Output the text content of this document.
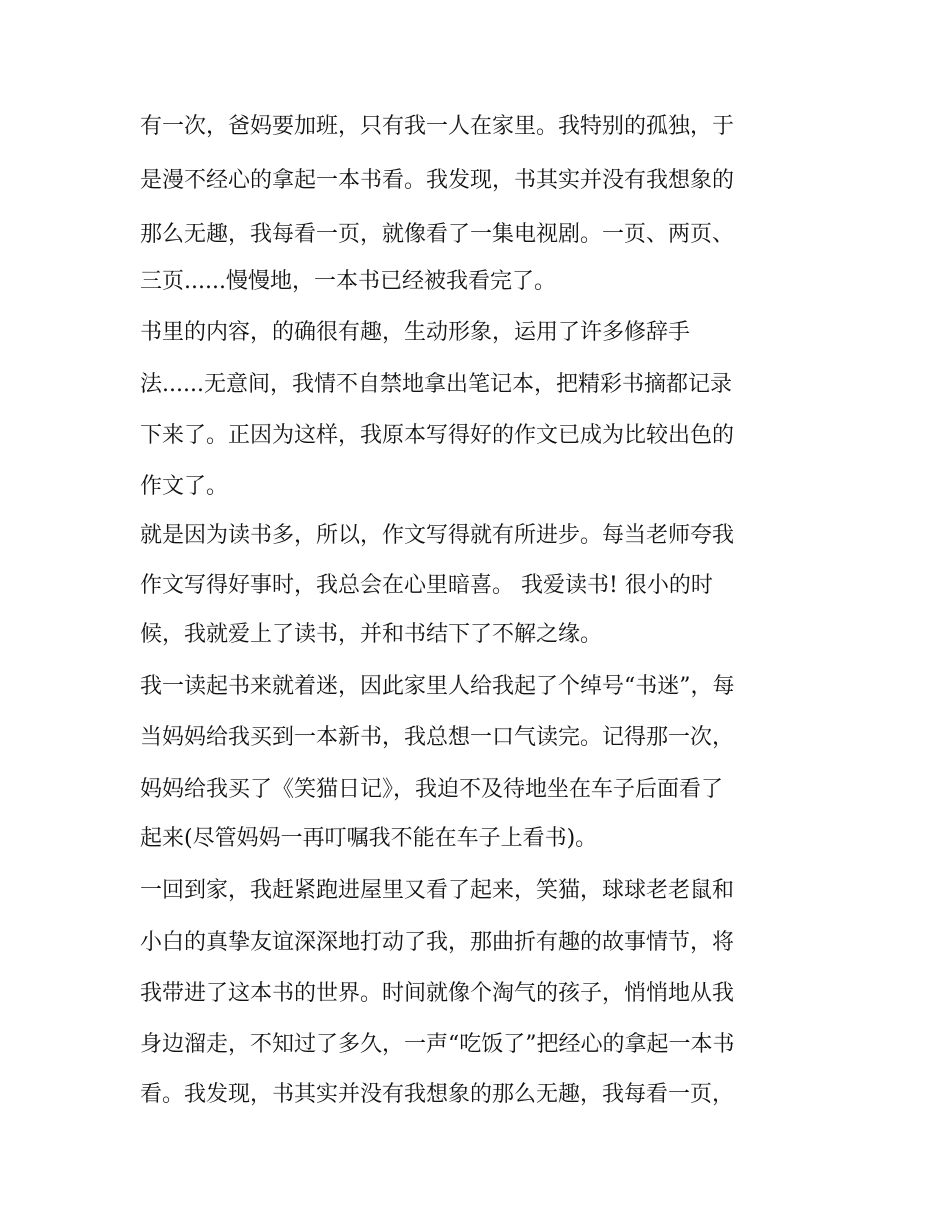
有一次，爸妈要加班，只有我一人在家里。我特别的孤独，于
是漫不经心的拿起一本书看。我发现，书其实并没有我想象的
那么无趣，我每看一页，就像看了一集电视剧。一页、两页、
三页......慢慢地，一本书已经被我看完了。
书里的内容，的确很有趣，生动形象，运用了许多修辞手
法......无意间，我情不自禁地拿出笔记本，把精彩书摘都记录
下来了。正因为这样，我原本写得好的作文已成为比较出色的
作文了。
就是因为读书多，所以，作文写得就有所进步。每当老师夸我
作文写得好事时，我总会在心里暗喜。 我爱读书! 很小的时
候，我就爱上了读书，并和书结下了不解之缘。
我一读起书来就着迷，因此家里人给我起了个绰号“书迷”，每
当妈妈给我买到一本新书，我总想一口气读完。记得那一次，
妈妈给我买了《笑猫日记》，我迫不及待地坐在车子后面看了
起来(尽管妈妈一再叮嘱我不能在车子上看书)。
一回到家，我赶紧跑进屋里又看了起来，笑猫，球球老老鼠和
小白的真挚友谊深深地打动了我，那曲折有趣的故事情节，将
我带进了这本书的世界。时间就像个淘气的孩子，悄悄地从我
身边溜走，不知过了多久，一声“吃饭了”把经心的拿起一本书
看。我发现，书其实并没有我想象的那么无趣，我每看一页，
